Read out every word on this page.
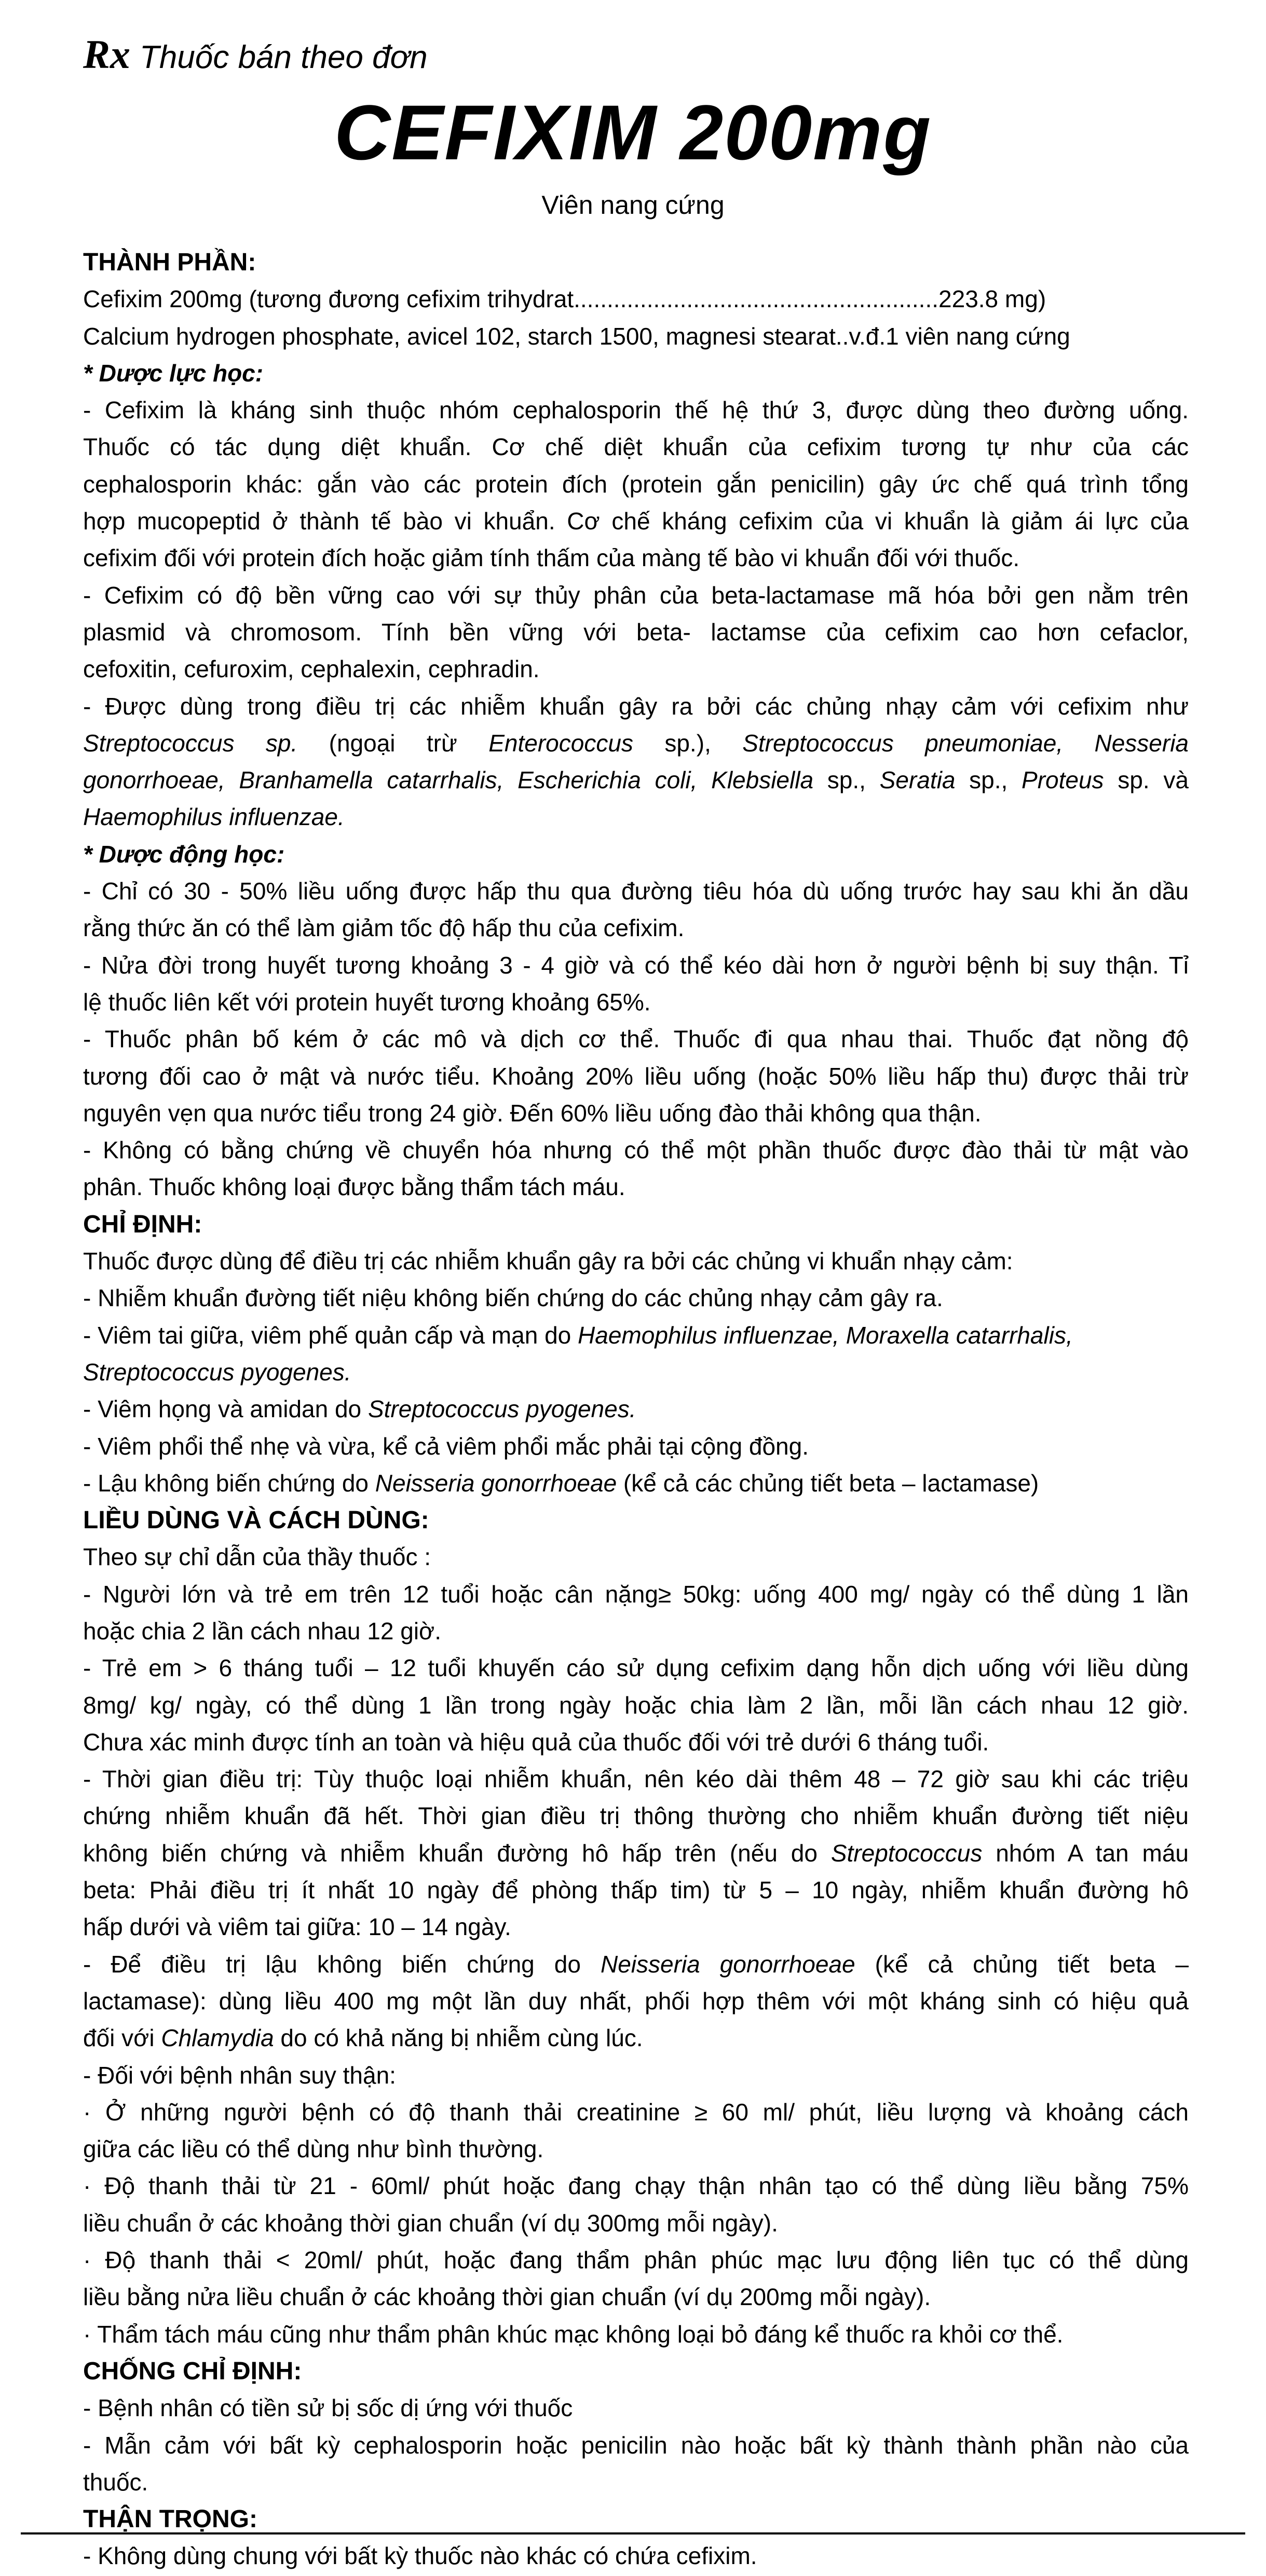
Rx Thuốc bán theo đơn
CEFIXIM 200mg
Viên nang cứng
THÀNH PHẦN:
Cefixim 200mg (tương đương cefixim trihydrat.......................................................223.8 mg)
Calcium hydrogen phosphate, avicel 102, starch 1500, magnesi stearat..v.đ.1 viên nang cứng
* Dược lực học:
- Cefixim là kháng sinh thuộc nhóm cephalosporin thế hệ thứ 3, được dùng theo đường uống.
Thuốc có tác dụng diệt khuẩn. Cơ chế diệt khuẩn của cefixim tương tự như của các
cephalosporin khác: gắn vào các protein đích (protein gắn penicilin) gây ức chế quá trình tổng
hợp mucopeptid ở thành tế bào vi khuẩn. Cơ chế kháng cefixim của vi khuẩn là giảm ái lực của
cefixim đối với protein đích hoặc giảm tính thấm của màng tế bào vi khuẩn đối với thuốc.
- Cefixim có độ bền vững cao với sự thủy phân của beta-lactamase mã hóa bởi gen nằm trên
plasmid và chromosom. Tính bền vững với beta- lactamse của cefixim cao hơn cefaclor,
cefoxitin, cefuroxim, cephalexin, cephradin.
- Được dùng trong điều trị các nhiễm khuẩn gây ra bởi các chủng nhạy cảm với cefixim như
Streptococcus sp. (ngoại trừ Enterococcus sp.), Streptococcus pneumoniae, Nesseria
gonorrhoeae, Branhamella catarrhalis, Escherichia coli, Klebsiella sp., Seratia sp., Proteus sp. và
Haemophilus influenzae.
* Dược động học:
- Chỉ có 30 - 50% liều uống được hấp thu qua đường tiêu hóa dù uống trước hay sau khi ăn dầu
rằng thức ăn có thể làm giảm tốc độ hấp thu của cefixim.
- Nửa đời trong huyết tương khoảng 3 - 4 giờ và có thể kéo dài hơn ở người bệnh bị suy thận. Tỉ
lệ thuốc liên kết với protein huyết tương khoảng 65%.
- Thuốc phân bố kém ở các mô và dịch cơ thể. Thuốc đi qua nhau thai. Thuốc đạt nồng độ
tương đối cao ở mật và nước tiểu. Khoảng 20% liều uống (hoặc 50% liều hấp thu) được thải trừ
nguyên vẹn qua nước tiểu trong 24 giờ. Đến 60% liều uống đào thải không qua thận.
- Không có bằng chứng về chuyển hóa nhưng có thể một phần thuốc được đào thải từ mật vào
phân. Thuốc không loại được bằng thẩm tách máu.
CHỈ ĐỊNH:
Thuốc được dùng để điều trị các nhiễm khuẩn gây ra bởi các chủng vi khuẩn nhạy cảm:
- Nhiễm khuẩn đường tiết niệu không biến chứng do các chủng nhạy cảm gây ra.
- Viêm tai giữa, viêm phế quản cấp và mạn do Haemophilus influenzae, Moraxella catarrhalis,
Streptococcus pyogenes.
- Viêm họng và amidan do Streptococcus pyogenes.
- Viêm phổi thể nhẹ và vừa, kể cả viêm phổi mắc phải tại cộng đồng.
- Lậu không biến chứng do Neisseria gonorrhoeae (kể cả các chủng tiết beta – lactamase)
LIỀU DÙNG VÀ CÁCH DÙNG:
Theo sự chỉ dẫn của thầy thuốc :
- Người lớn và trẻ em trên 12 tuổi hoặc cân nặng≥ 50kg: uống 400 mg/ ngày có thể dùng 1 lần
hoặc chia 2 lần cách nhau 12 giờ.
- Trẻ em > 6 tháng tuổi – 12 tuổi khuyến cáo sử dụng cefixim dạng hỗn dịch uống với liều dùng
8mg/ kg/ ngày, có thể dùng 1 lần trong ngày hoặc chia làm 2 lần, mỗi lần cách nhau 12 giờ.
Chưa xác minh được tính an toàn và hiệu quả của thuốc đối với trẻ dưới 6 tháng tuổi.
- Thời gian điều trị: Tùy thuộc loại nhiễm khuẩn, nên kéo dài thêm 48 – 72 giờ sau khi các triệu
chứng nhiễm khuẩn đã hết. Thời gian điều trị thông thường cho nhiễm khuẩn đường tiết niệu
không biến chứng và nhiễm khuẩn đường hô hấp trên (nếu do Streptococcus nhóm A tan máu
beta: Phải điều trị ít nhất 10 ngày để phòng thấp tim) từ 5 – 10 ngày, nhiễm khuẩn đường hô
hấp dưới và viêm tai giữa: 10 – 14 ngày.
- Để điều trị lậu không biến chứng do Neisseria gonorrhoeae (kể cả chủng tiết beta –
lactamase): dùng liều 400 mg một lần duy nhất, phối hợp thêm với một kháng sinh có hiệu quả
đối với Chlamydia do có khả năng bị nhiễm cùng lúc.
- Đối với bệnh nhân suy thận:
· Ở những người bệnh có độ thanh thải creatinine ≥ 60 ml/ phút, liều lượng và khoảng cách
giữa các liều có thể dùng như bình thường.
· Độ thanh thải từ 21 - 60ml/ phút hoặc đang chạy thận nhân tạo có thể dùng liều bằng 75%
liều chuẩn ở các khoảng thời gian chuẩn (ví dụ 300mg mỗi ngày).
· Độ thanh thải < 20ml/ phút, hoặc đang thẩm phân phúc mạc lưu động liên tục có thể dùng
liều bằng nửa liều chuẩn ở các khoảng thời gian chuẩn (ví dụ 200mg mỗi ngày).
· Thẩm tách máu cũng như thẩm phân khúc mạc không loại bỏ đáng kể thuốc ra khỏi cơ thể.
CHỐNG CHỈ ĐỊNH:
- Bệnh nhân có tiền sử bị sốc dị ứng với thuốc
- Mẫn cảm với bất kỳ cephalosporin hoặc penicilin nào hoặc bất kỳ thành thành phần nào của
thuốc.
THẬN TRỌNG:
- Không dùng chung với bất kỳ thuốc nào khác có chứa cefixim.
